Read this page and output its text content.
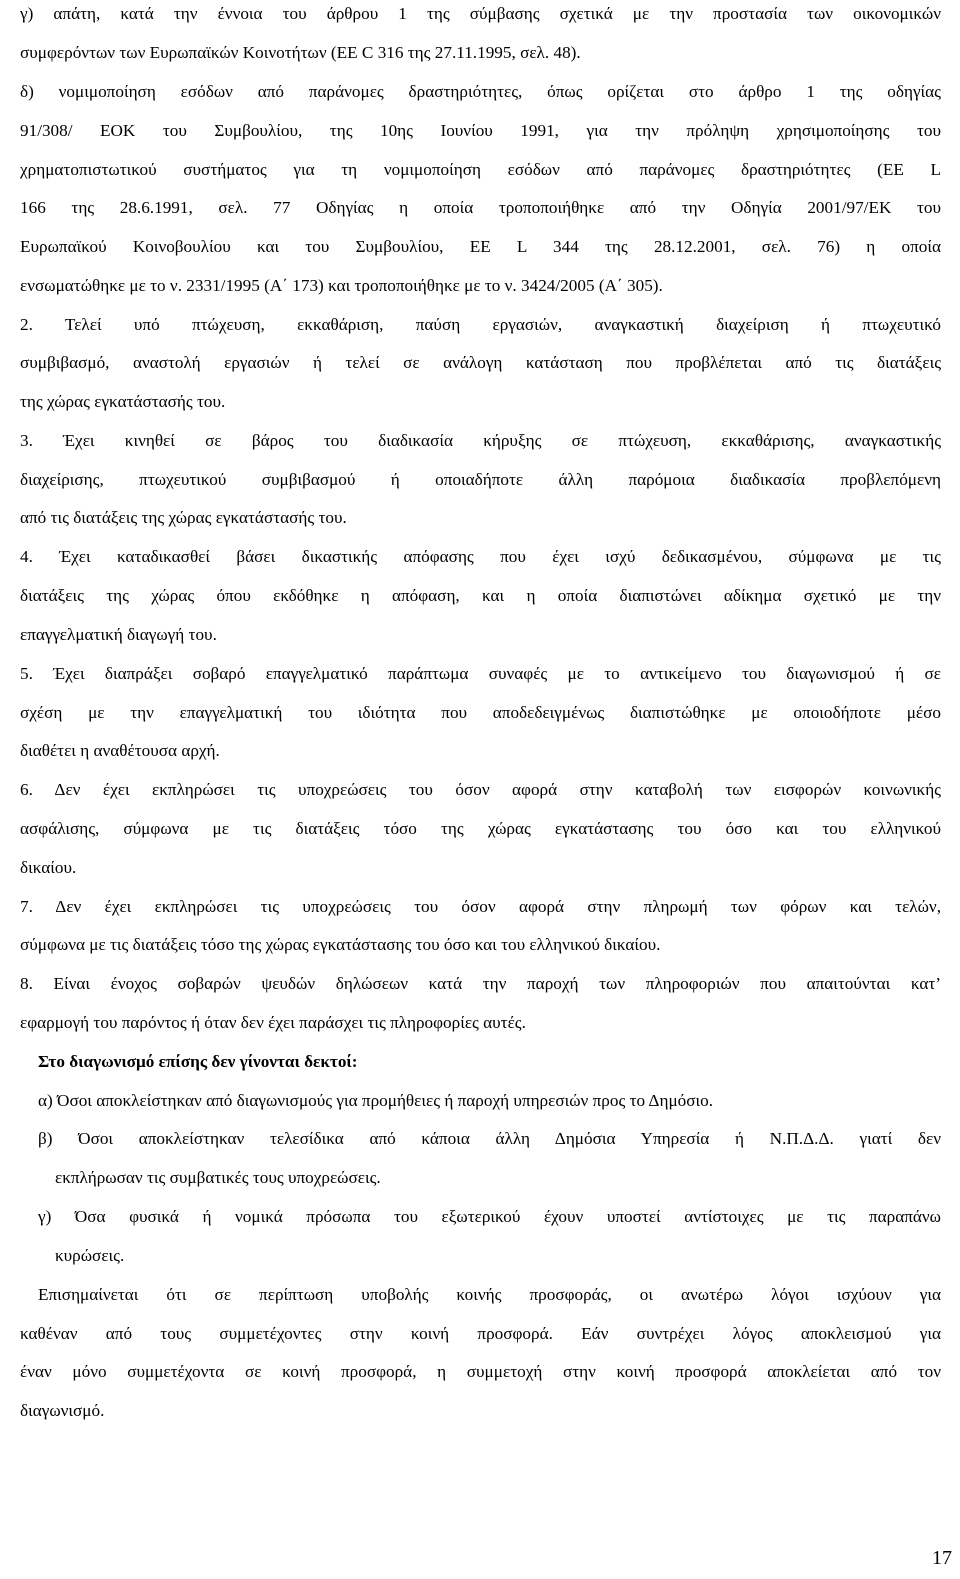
γ) απάτη, κατά την έννοια του άρθρου 1 της σύμβασης σχετικά με την προστασία των οικονομικών
συμφερόντων των Ευρωπαϊκών Κοινοτήτων (ΕΕ C 316 της 27.11.1995, σελ. 48).
δ) νομιμοποίηση εσόδων από παράνομες δραστηριότητες, όπως ορίζεται στο άρθρο 1 της οδηγίας
91/308/ ΕΟΚ του Συμβουλίου, της 10ης Ιουνίου 1991, για την πρόληψη χρησιμοποίησης του
χρηματοπιστωτικού συστήματος για τη νομιμοποίηση εσόδων από παράνομες δραστηριότητες (ΕΕ L
166 της 28.6.1991, σελ. 77 Οδηγίας η οποία τροποποιήθηκε από την Οδηγία 2001/97/ΕΚ του
Ευρωπαϊκού Κοινοβουλίου και του Συμβουλίου, ΕΕ L 344 της 28.12.2001, σελ. 76) η οποία
ενσωματώθηκε με το ν. 2331/1995 (Α΄ 173) και τροποποιήθηκε με το ν. 3424/2005 (Α΄ 305).
2. Τελεί υπό πτώχευση, εκκαθάριση, παύση εργασιών, αναγκαστική διαχείριση ή πτωχευτικό
συμβιβασμό, αναστολή εργασιών ή τελεί σε ανάλογη κατάσταση που προβλέπεται από τις διατάξεις
της χώρας εγκατάστασής του.
3. Έχει κινηθεί σε βάρος του διαδικασία κήρυξης σε πτώχευση, εκκαθάρισης, αναγκαστικής
διαχείρισης, πτωχευτικού συμβιβασμού ή οποιαδήποτε άλλη παρόμοια διαδικασία προβλεπόμενη
από τις διατάξεις της χώρας εγκατάστασής του.
4. Έχει καταδικασθεί βάσει δικαστικής απόφασης που έχει ισχύ δεδικασμένου, σύμφωνα με τις
διατάξεις της χώρας όπου εκδόθηκε η απόφαση, και η οποία διαπιστώνει αδίκημα σχετικό με την
επαγγελματική διαγωγή του.
5. Έχει διαπράξει σοβαρό επαγγελματικό παράπτωμα συναφές με το αντικείμενο του διαγωνισμού ή σε
σχέση με την επαγγελματική του ιδιότητα που αποδεδειγμένως διαπιστώθηκε με οποιοδήποτε μέσο
διαθέτει η αναθέτουσα αρχή.
6. Δεν έχει εκπληρώσει τις υποχρεώσεις του όσον αφορά στην καταβολή των εισφορών κοινωνικής
ασφάλισης, σύμφωνα με τις διατάξεις τόσο της χώρας εγκατάστασης του όσο και του ελληνικού
δικαίου.
7. Δεν έχει εκπληρώσει τις υποχρεώσεις του όσον αφορά στην πληρωμή των φόρων και τελών,
σύμφωνα με τις διατάξεις τόσο της χώρας εγκατάστασης του όσο και του ελληνικού δικαίου.
8. Είναι ένοχος σοβαρών ψευδών δηλώσεων κατά την παροχή των πληροφοριών που απαιτούνται κατ’
εφαρμογή του παρόντος ή όταν δεν έχει παράσχει τις πληροφορίες αυτές.
Στο διαγωνισμό επίσης δεν γίνονται δεκτοί:
α) Όσοι αποκλείστηκαν από διαγωνισμούς για προμήθειες ή παροχή υπηρεσιών προς το Δημόσιο.
β) Όσοι αποκλείστηκαν τελεσίδικα από κάποια άλλη Δημόσια Υπηρεσία ή Ν.Π.Δ.Δ. γιατί δεν
εκπλήρωσαν τις συμβατικές τους υποχρεώσεις.
γ) Όσα φυσικά ή νομικά πρόσωπα του εξωτερικού έχουν υποστεί αντίστοιχες με τις παραπάνω
κυρώσεις.
Επισημαίνεται ότι σε περίπτωση υποβολής κοινής προσφοράς, οι ανωτέρω λόγοι ισχύουν για
καθέναν από τους συμμετέχοντες στην κοινή προσφορά. Εάν συντρέχει λόγος αποκλεισμού για
έναν μόνο συμμετέχοντα σε κοινή προσφορά, η συμμετοχή στην κοινή προσφορά αποκλείεται από τον
διαγωνισμό.
17
